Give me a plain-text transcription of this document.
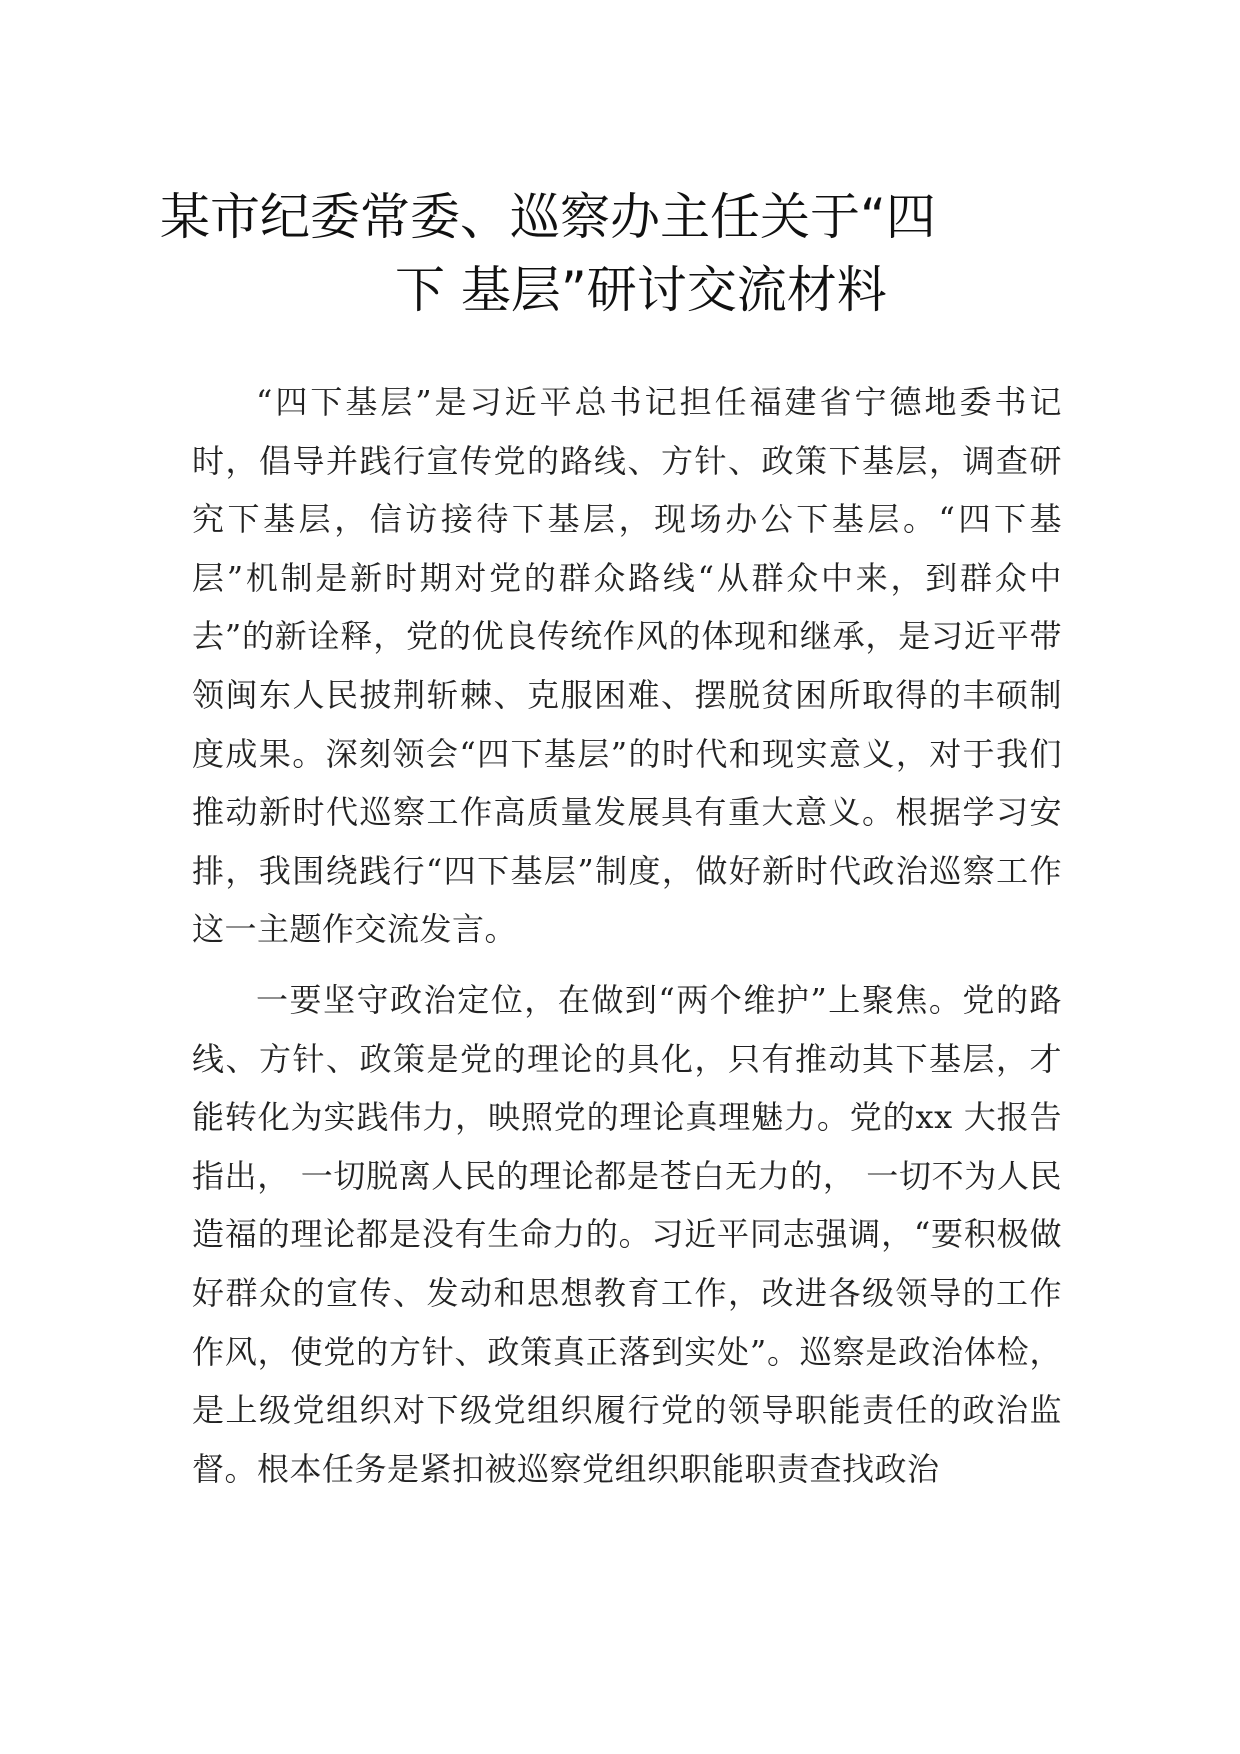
某市纪委常委、巡察办主任关于“四
下 基层”研讨交流材料

“四下基层”是习近平总书记担任福建省宁德地委书记时，倡导并践行宣传党的路线、方针、政策下基层，调查研究下基层，信访接待下基层，现场办公下基层。“四下基层”机制是新时期对党的群众路线“从群众中来，到群众中去”的新诠释，党的优良传统作风的体现和继承，是习近平带领闽东人民披荆斩棘、克服困难、摆脱贫困所取得的丰硕制度成果。深刻领会“四下基层”的时代和现实意义，对于我们推动新时代巡察工作高质量发展具有重大意义。根据学习安排，我围绕践行“四下基层”制度，做好新时代政治巡察工作这一主题作交流发言。

一要坚守政治定位，在做到“两个维护”上聚焦。党的路线、方针、政策是党的理论的具化，只有推动其下基层，才能转化为实践伟力，映照党的理论真理魅力。党的xx 大报告指出， 一切脱离人民的理论都是苍白无力的， 一切不为人民造福的理论都是没有生命力的。习近平同志强调，“要积极做好群众的宣传、发动和思想教育工作，改进各级领导的工作作风，使党的方针、政策真正落到实处”。巡察是政治体检，是上级党组织对下级党组织履行党的领导职能责任的政治监督。根本任务是紧扣被巡察党组织职能职责查找政治
